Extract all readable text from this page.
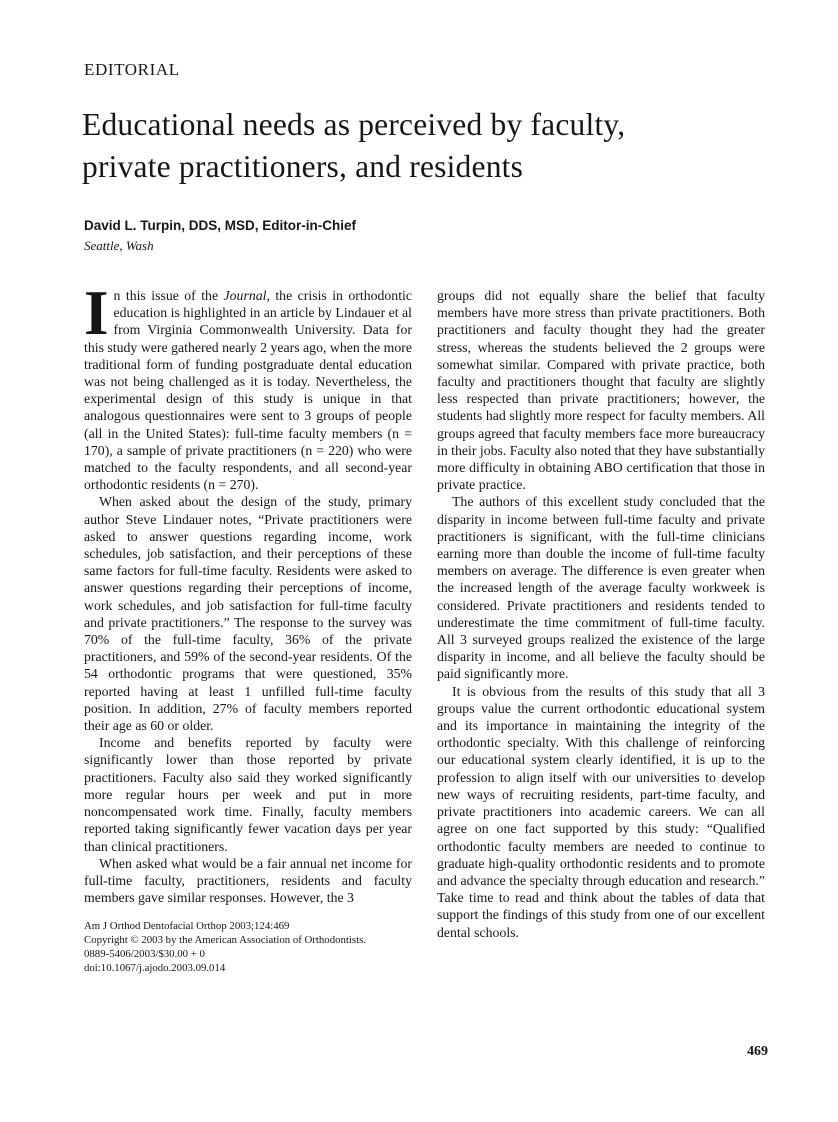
EDITORIAL
Educational needs as perceived by faculty,
private practitioners, and residents
David L. Turpin, DDS, MSD, Editor-in-Chief
Seattle, Wash

In this issue of the Journal, the crisis in orthodontic education is highlighted in an article by Lindauer et al from Virginia Commonwealth University. Data for this study were gathered nearly 2 years ago, when the more traditional form of funding postgraduate dental education was not being challenged as it is today. Nevertheless, the experimental design of this study is unique in that analogous questionnaires were sent to 3 groups of people (all in the United States): full-time faculty members (n = 170), a sample of private practitioners (n = 220) who were matched to the faculty respondents, and all second-year orthodontic residents (n = 270).

When asked about the design of the study, primary author Steve Lindauer notes, “Private practitioners were asked to answer questions regarding income, work schedules, job satisfaction, and their perceptions of these same factors for full-time faculty. Residents were asked to answer questions regarding their perceptions of income, work schedules, and job satisfaction for full-time faculty and private practitioners.” The response to the survey was 70% of the full-time faculty, 36% of the private practitioners, and 59% of the second-year residents. Of the 54 orthodontic programs that were questioned, 35% reported having at least 1 unfilled full-time faculty position. In addition, 27% of faculty members reported their age as 60 or older.

Income and benefits reported by faculty were significantly lower than those reported by private practitioners. Faculty also said they worked significantly more regular hours per week and put in more noncompensated work time. Finally, faculty members reported taking significantly fewer vacation days per year than clinical practitioners.

When asked what would be a fair annual net income for full-time faculty, practitioners, residents and faculty members gave similar responses. However, the 3

Am J Orthod Dentofacial Orthop 2003;124:469
Copyright © 2003 by the American Association of Orthodontists.
0889-5406/2003/$30.00 + 0
doi:10.1067/j.ajodo.2003.09.014

groups did not equally share the belief that faculty members have more stress than private practitioners. Both practitioners and faculty thought they had the greater stress, whereas the students believed the 2 groups were somewhat similar. Compared with private practice, both faculty and practitioners thought that faculty are slightly less respected than private practitioners; however, the students had slightly more respect for faculty members. All groups agreed that faculty members face more bureaucracy in their jobs. Faculty also noted that they have substantially more difficulty in obtaining ABO certification that those in private practice.

The authors of this excellent study concluded that the disparity in income between full-time faculty and private practitioners is significant, with the full-time clinicians earning more than double the income of full-time faculty members on average. The difference is even greater when the increased length of the average faculty workweek is considered. Private practitioners and residents tended to underestimate the time commitment of full-time faculty. All 3 surveyed groups realized the existence of the large disparity in income, and all believe the faculty should be paid significantly more.

It is obvious from the results of this study that all 3 groups value the current orthodontic educational system and its importance in maintaining the integrity of the orthodontic specialty. With this challenge of reinforcing our educational system clearly identified, it is up to the profession to align itself with our universities to develop new ways of recruiting residents, part-time faculty, and private practitioners into academic careers. We can all agree on one fact supported by this study: “Qualified orthodontic faculty members are needed to continue to graduate high-quality orthodontic residents and to promote and advance the specialty through education and research.” Take time to read and think about the tables of data that support the findings of this study from one of our excellent dental schools.

469
